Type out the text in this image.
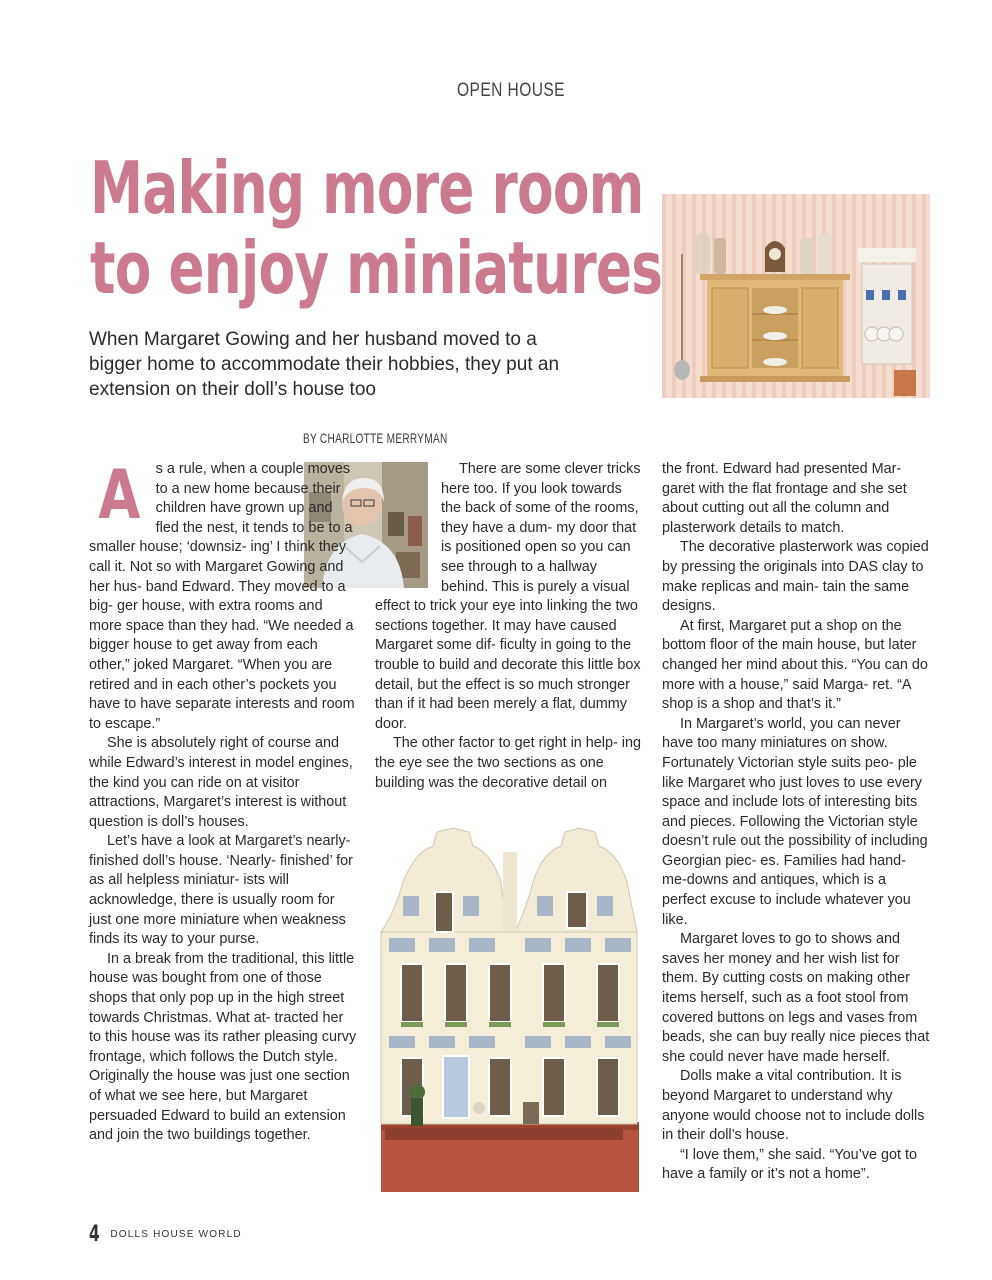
OPEN HOUSE
Making more room
to enjoy miniatures

When Margaret Gowing and her husband moved to a bigger home to accommodate their hobbies, they put an extension on their doll’s house too

BY CHARLOTTE MERRYMAN
A	s a rule, when a couple moves to a new home because their children have grown up and fled the nest, it tends to be to a smaller house; ‘downsiz- ing’ I think they call it. Not so with Margaret Gowing and her hus- band Edward. They moved to a big- ger house, with extra rooms and more space than they had. “We needed a bigger house to get away from each other,” joked Margaret. “When you are retired and in each other’s pockets you have to have separate interests and room to escape.”

She is absolutely right of course and while Edward’s interest in model engines, the kind you can ride on at visitor attractions, Margaret’s interest is without question is doll’s houses.

Let’s have a look at Margaret’s nearly-finished doll’s house. ‘Nearly- finished’ for as all helpless miniatur- ists will acknowledge, there is usually room for just one more miniature when weakness finds its way to your purse.

In a break from the traditional, this little house was bought from one of those shops that only pop up in the high street towards Christmas. What at- tracted her to this house was its rather pleasing curvy frontage, which follows the Dutch style. Originally the house was just one section of what we see here, but Margaret persuaded Edward to build an extension and join the two buildings together.

There are some clever tricks here too. If you look towards the back of some of the rooms, they have a dum- my door that is positioned open so you can see through to a hallway behind. This is purely a visual effect to trick your eye into linking the two sections together. It may have caused Margaret some dif- ficulty in going to the trouble to build and decorate this little box detail, but the effect is so much stronger than if it had been merely a flat, dummy door.

The other factor to get right in help- ing the eye see the two sections as one building was the decorative detail on

the front. Edward had presented Mar- garet with the flat frontage and she set about cutting out all the column and plasterwork details to match.

The decorative plasterwork was copied by pressing the originals into DAS clay to make replicas and main- tain the same designs.

At first, Margaret put a shop on the bottom floor of the main house, but later changed her mind about this. “You can do more with a house,” said Marga- ret. “A shop is a shop and that’s it.”

In Margaret’s world, you can never have too many miniatures on show. Fortunately Victorian style suits peo- ple like Margaret who just loves to use every space and include lots of interesting bits and pieces. Following the Victorian style doesn’t rule out the possibility of including Georgian piec- es. Families had hand-me-downs and antiques, which is a perfect excuse to include whatever you like.

Margaret loves to go to shows and saves her money and her wish list for them. By cutting costs on making other items herself, such as a foot stool from covered buttons on legs and vases from beads, she can buy really nice pieces that she could never have made herself.

Dolls make a vital contribution. It is beyond Margaret to understand why anyone would choose not to include dolls in their doll’s house.

“I love them,” she said. “You’ve got to have a family or it’s not a home”.

4 DOLLS HOUSE WORLD
